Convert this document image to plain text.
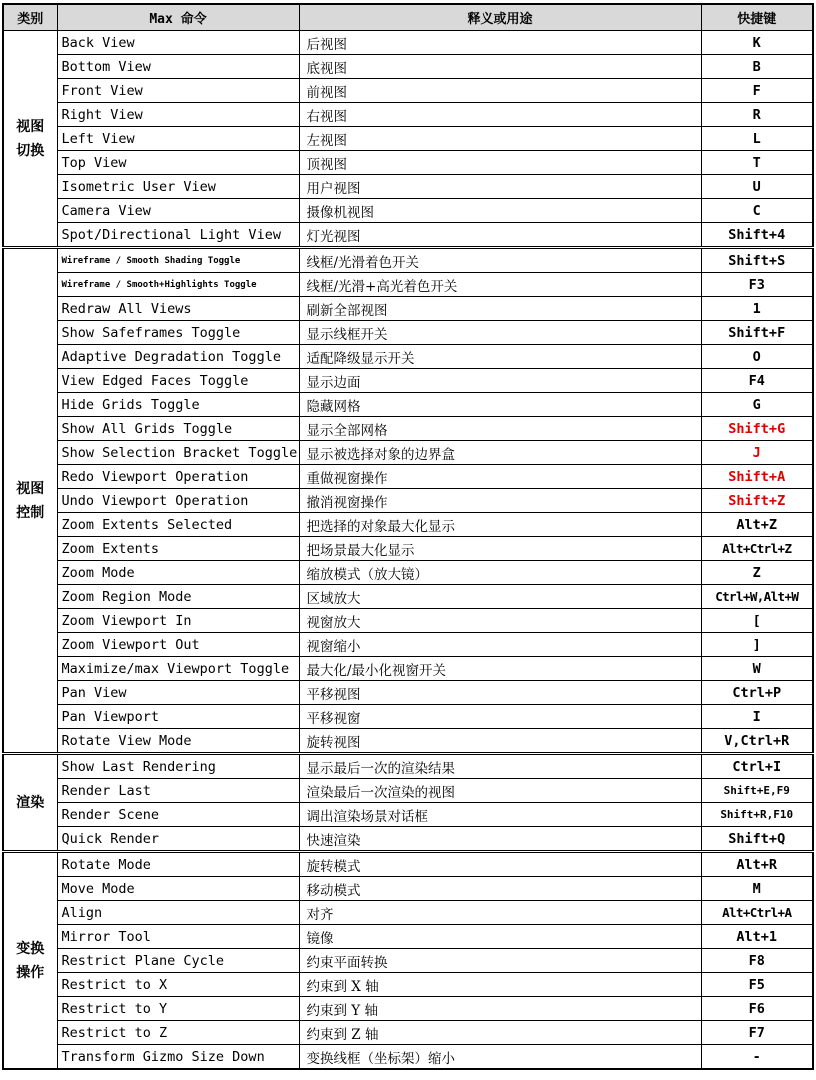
类别	Max 命令	释义或用途	快捷键

视图
切换	Back View	后视图	K
	Bottom View	底视图	B
	Front View	前视图	F
	Right View	右视图	R
	Left View	左视图	L
	Top View	顶视图	T
	Isometric User View	用户视图	U
	Camera View	摄像机视图	C
	Spot/Directional Light View	灯光视图	Shift+4

视图
控制	Wireframe / Smooth Shading Toggle	线框/光滑着色开关	Shift+S
	Wireframe / Smooth+Highlights Toggle	线框/光滑+高光着色开关	F3
	Redraw All Views	刷新全部视图	1
	Show Safeframes Toggle	显示线框开关	Shift+F
	Adaptive Degradation Toggle	适配降级显示开关	O
	View Edged Faces Toggle	显示边面	F4
	Hide Grids Toggle	隐藏网格	G
	Show All Grids Toggle	显示全部网格	Shift+G
	Show Selection Bracket Toggle	显示被选择对象的边界盒	J
	Redo Viewport Operation	重做视窗操作	Shift+A
	Undo Viewport Operation	撤消视窗操作	Shift+Z
	Zoom Extents Selected	把选择的对象最大化显示	Alt+Z
	Zoom Extents	把场景最大化显示	Alt+Ctrl+Z
	Zoom Mode	缩放模式（放大镜）	Z
	Zoom Region Mode	区域放大	Ctrl+W,Alt+W
	Zoom Viewport In	视窗放大	[
	Zoom Viewport Out	视窗缩小	]
	Maximize/max Viewport Toggle	最大化/最小化视窗开关	W
	Pan View	平移视图	Ctrl+P
	Pan Viewport	平移视窗	I
	Rotate View Mode	旋转视图	V,Ctrl+R

渲染	Show Last Rendering	显示最后一次的渲染结果	Ctrl+I
	Render Last	渲染最后一次渲染的视图	Shift+E,F9
	Render Scene	调出渲染场景对话框	Shift+R,F10
	Quick Render	快速渲染	Shift+Q

变换
操作	Rotate Mode	旋转模式	Alt+R
	Move Mode	移动模式	M
	Align	对齐	Alt+Ctrl+A
	Mirror Tool	镜像	Alt+1
	Restrict Plane Cycle	约束平面转换	F8
	Restrict to X	约束到 X 轴	F5
	Restrict to Y	约束到 Y 轴	F6
	Restrict to Z	约束到 Z 轴	F7
	Transform Gizmo Size Down	变换线框（坐标架）缩小	-
